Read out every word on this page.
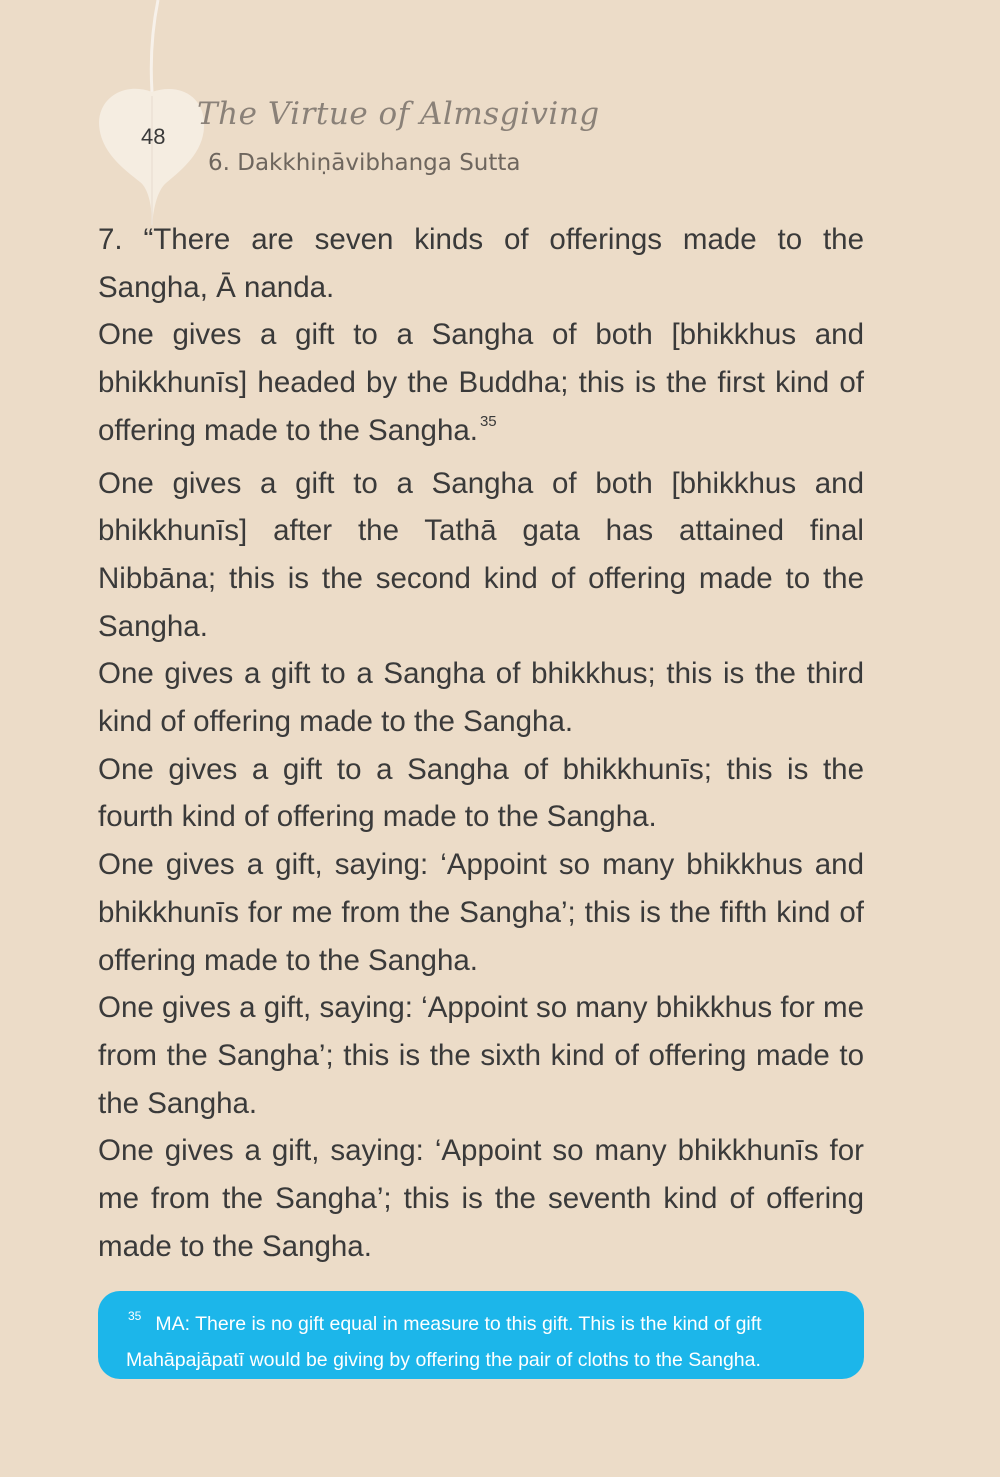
48
The Virtue of Almsgiving
6. Dakkhiṇāvibhanga Sutta

7. “There are seven kinds of offerings made to the Sangha, Ā nanda.

One gives a gift to a Sangha of both [bhikkhus and bhikkhunīs] headed by the Buddha; this is the first kind of offering made to the Sangha. $^{35}$

One gives a gift to a Sangha of both [bhikkhus and bhikkhunīs] after the Tathā gata has attained final Nibbāna; this is the second kind of offering made to the Sangha.

One gives a gift to a Sangha of bhikkhus; this is the third kind of offering made to the Sangha.

One gives a gift to a Sangha of bhikkhunīs; this is the fourth kind of offering made to the Sangha.

One gives a gift, saying: ‘Appoint so many bhikkhus and bhikkhunīs for me from the Sangha’; this is the fifth kind of offering made to the Sangha.

One gives a gift, saying: ‘Appoint so many bhikkhus for me from the Sangha’; this is the sixth kind of offering made to the Sangha.

One gives a gift, saying: ‘Appoint so many bhikkhunīs for me from the Sangha’; this is the seventh kind of offering made to the Sangha.

$^{35}$ MA: There is no gift equal in measure to this gift. This is the kind of gift Mahāpajāpatī would be giving by offering the pair of cloths to the Sangha.
